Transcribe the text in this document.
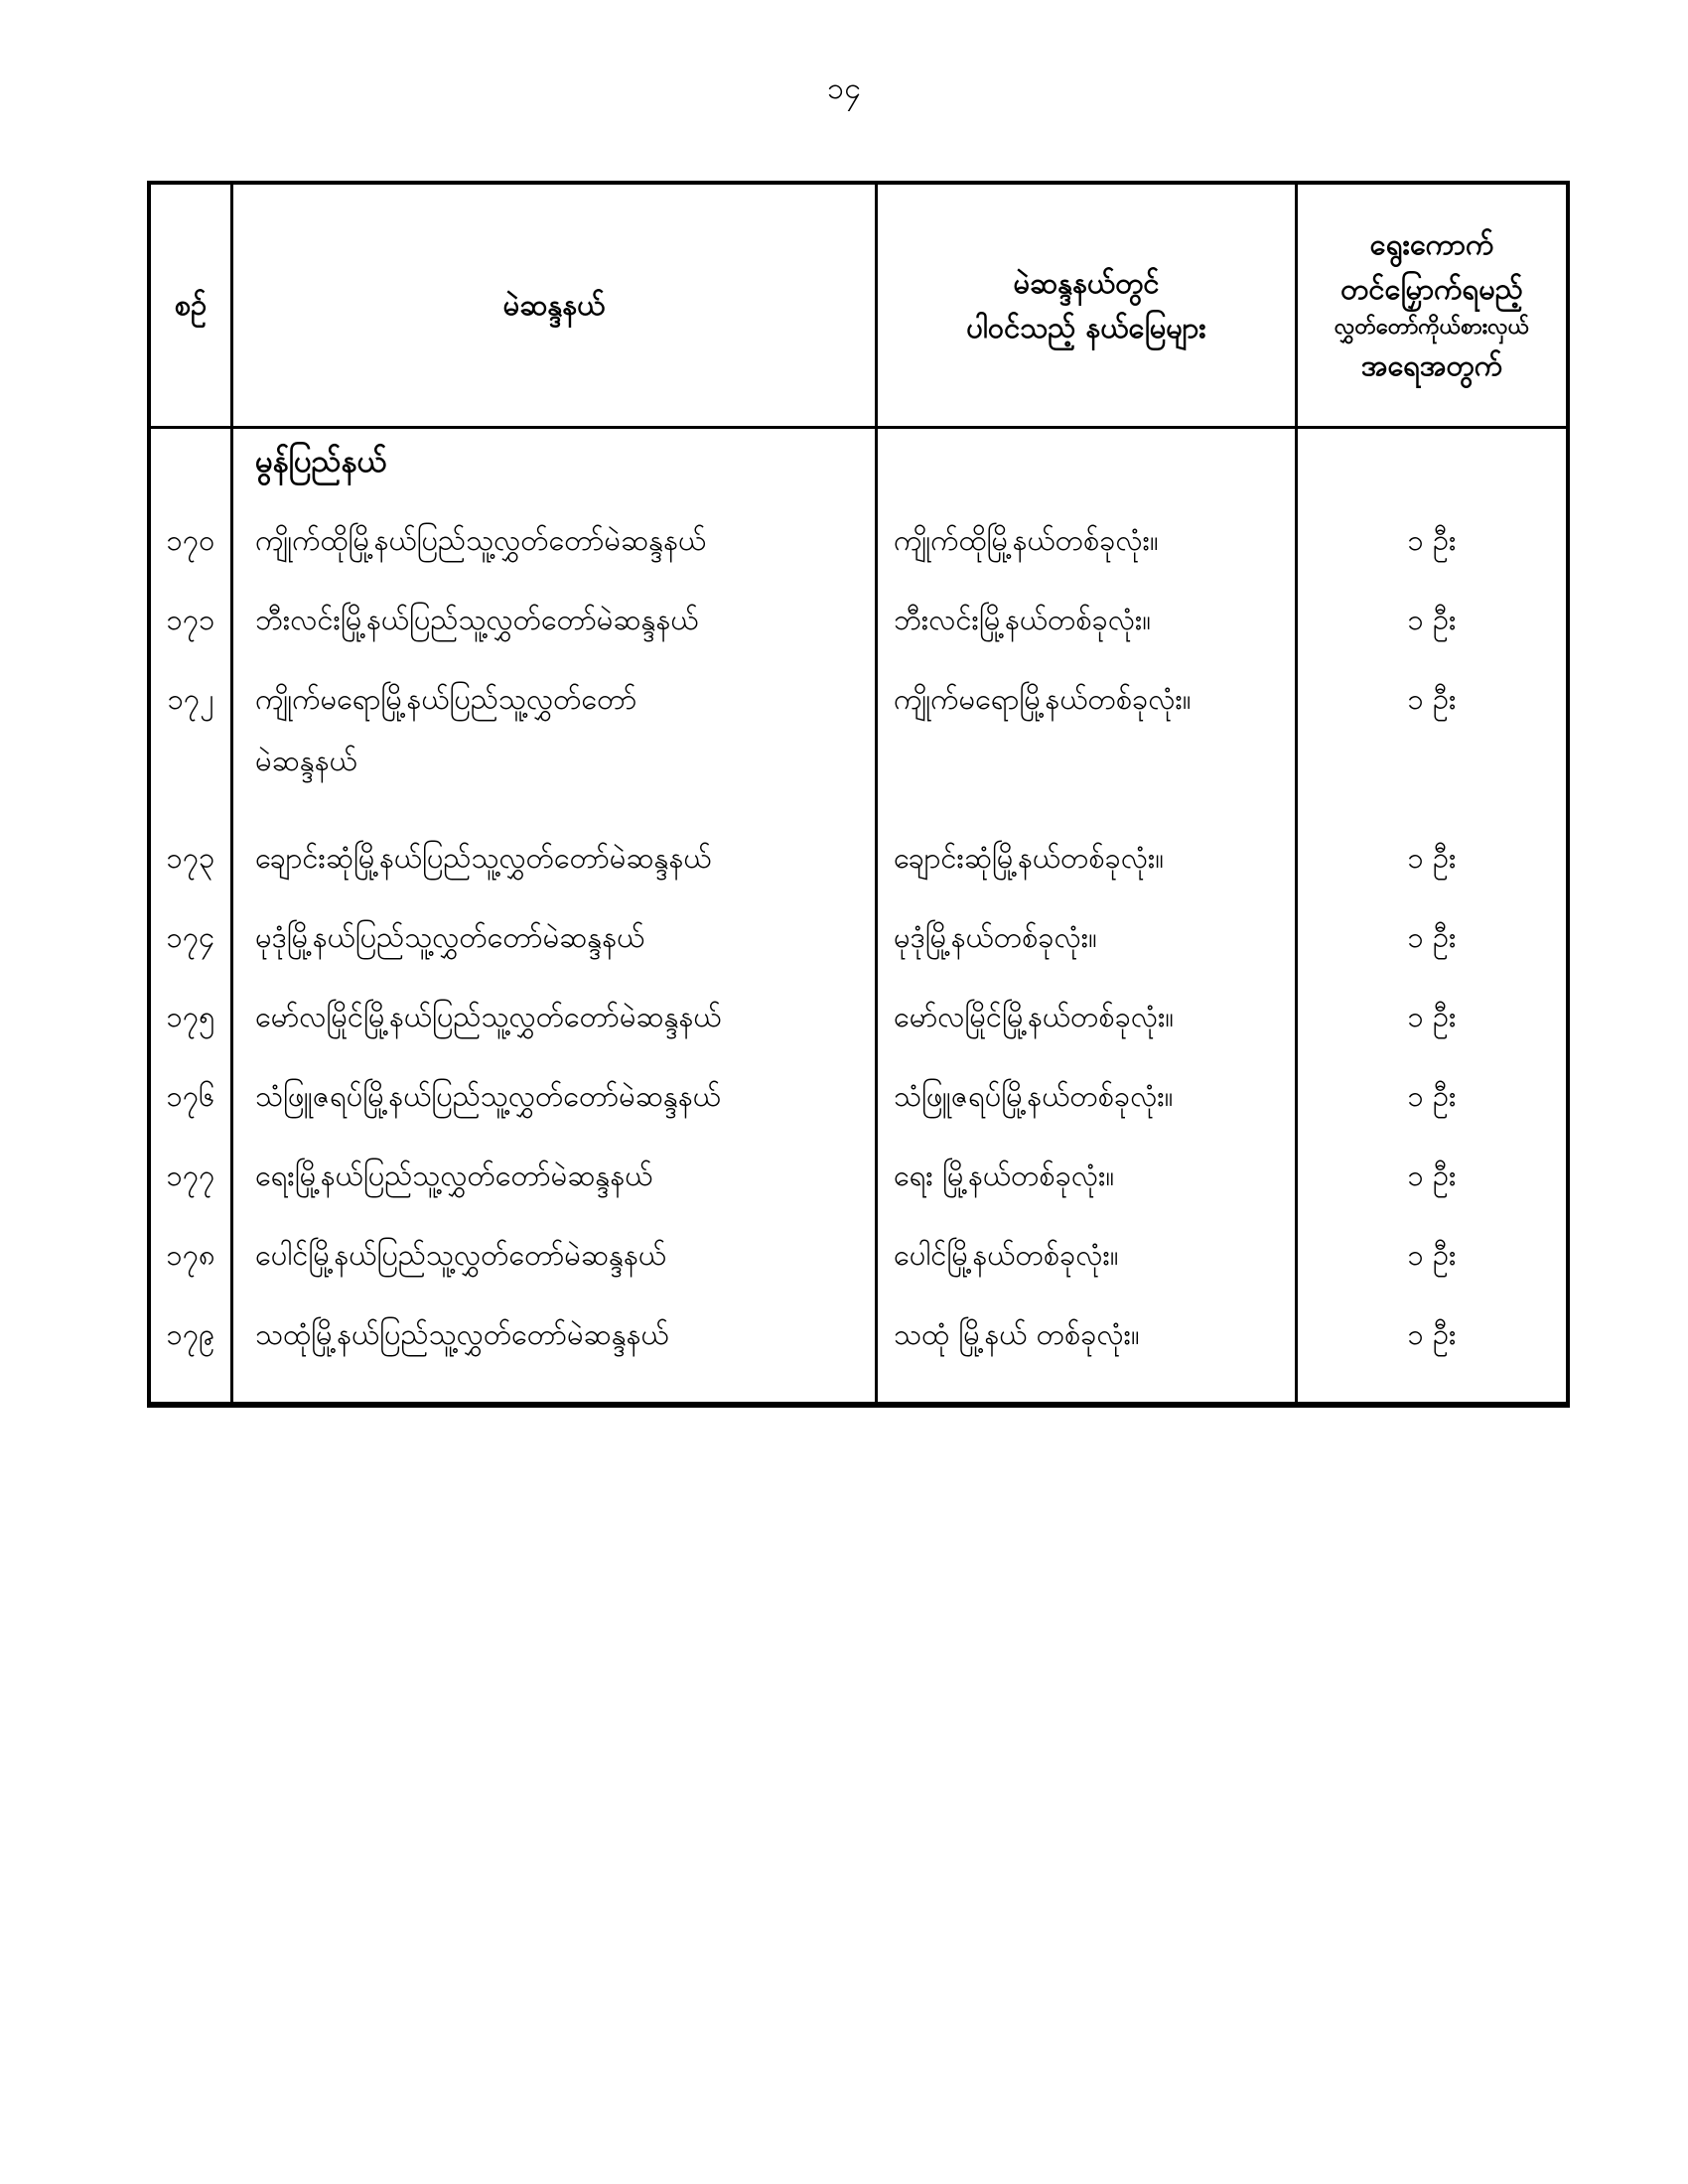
၁၄
စဉ်	မဲဆန္ဒနယ်
မဲဆန္ဒနယ်တွင်
ပါဝင်သည့် နယ်မြေများ
ရွေးကောက်
တင်မြှောက်ရမည့်
လွှတ်တော်ကိုယ်စားလှယ်
အရေအတွက်
မွန်ပြည်နယ်
၁၇၀	ကျိုက်ထိုမြို့နယ်ပြည်သူ့လွှတ်တော်မဲဆန္ဒနယ်	ကျိုက်ထိုမြို့နယ်တစ်ခုလုံး။	၁ ဦး
၁၇၁	ဘီးလင်းမြို့နယ်ပြည်သူ့လွှတ်တော်မဲဆန္ဒနယ်	ဘီးလင်းမြို့နယ်တစ်ခုလုံး။	၁ ဦး
၁၇၂	ကျိုက်မရောမြို့နယ်ပြည်သူ့လွှတ်တော်
မဲဆန္ဒနယ်
ကျိုက်မရောမြို့နယ်တစ်ခုလုံး။	၁ ဦး
၁၇၃	ချောင်းဆုံမြို့နယ်ပြည်သူ့လွှတ်တော်မဲဆန္ဒနယ်	ချောင်းဆုံမြို့နယ်တစ်ခုလုံး။	၁ ဦး
၁၇၄	မုဒုံမြို့နယ်ပြည်သူ့လွှတ်တော်မဲဆန္ဒနယ်	မုဒုံမြို့နယ်တစ်ခုလုံး။	၁ ဦး
၁၇၅	မော်လမြိုင်မြို့နယ်ပြည်သူ့လွှတ်တော်မဲဆန္ဒနယ်	မော်လမြိုင်မြို့နယ်တစ်ခုလုံး။	၁ ဦး
၁၇၆	သံဖြူဇရပ်မြို့နယ်ပြည်သူ့လွှတ်တော်မဲဆန္ဒနယ်	သံဖြူဇရပ်မြို့နယ်တစ်ခုလုံး။	၁ ဦး
၁၇၇	ရေးမြို့နယ်ပြည်သူ့လွှတ်တော်မဲဆန္ဒနယ်	ရေး မြို့နယ်တစ်ခုလုံး။	၁ ဦး
၁၇၈	ပေါင်မြို့နယ်ပြည်သူ့လွှတ်တော်မဲဆန္ဒနယ်	ပေါင်မြို့နယ်တစ်ခုလုံး။	၁ ဦး
၁၇၉	သထုံမြို့နယ်ပြည်သူ့လွှတ်တော်မဲဆန္ဒနယ်	သထုံ မြို့နယ် တစ်ခုလုံး။	၁ ဦး
